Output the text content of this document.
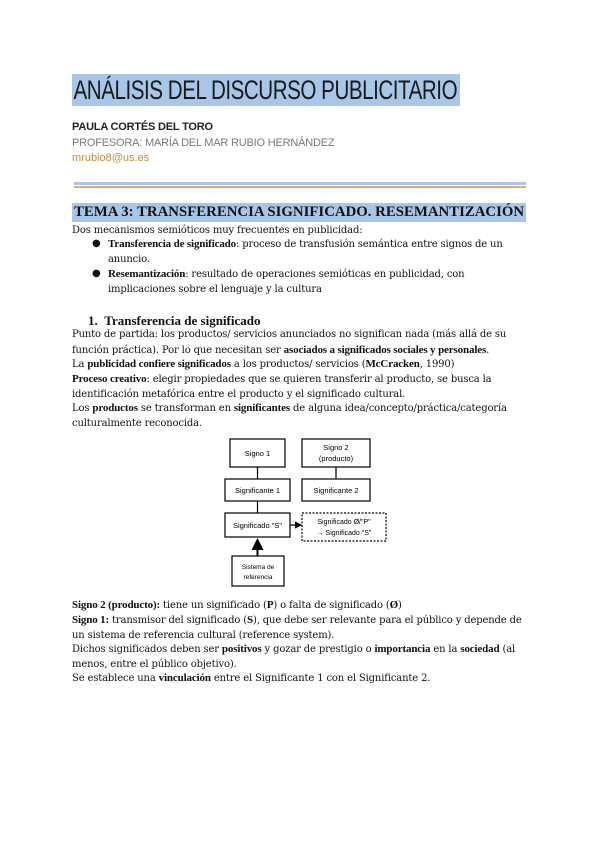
ANÁLISIS DEL DISCURSO PUBLICITARIO
PAULA CORTÉS DEL TORO
PROFESORA: MARÍA DEL MAR RUBIO HERNÁNDEZ
mrubio8@us.es
TEMA 3: TRANSFERENCIA SIGNIFICADO. RESEMANTIZACIÓN
Dos mecanismos semióticos muy frecuentes en publicidad:
● Transferencia de significado: proceso de transfusión semántica entre signos de un anuncio.
● Resemantización: resultado de operaciones semióticas en publicidad, con implicaciones sobre el lenguaje y la cultura
1. Transferencia de significado
Punto de partida: los productos/ servicios anunciados no significan nada (más allá de su función práctica). Por lo que necesitan ser asociados a significados sociales y personales.
La publicidad confiere significados a los productos/ servicios (McCracken, 1990)
Proceso creativo: elegir propiedades que se quieren transferir al producto, se busca la identificación metafórica entre el producto y el significado cultural.
Los productos se transforman en significantes de alguna idea/concepto/práctica/categoría culturalmente reconocida.
Signo 1
Signo 2
(producto)
Significante 1	Significante 2
Significado "S"	Significado Ø/"P"
→ Significado "S"
Sistema de
referencia
Signo 2 (producto): tiene un significado (P) o falta de significado (Ø)
Signo 1: transmisor del significado (S), que debe ser relevante para el público y depende de un sistema de referencia cultural (reference system).
Dichos significados deben ser positivos y gozar de prestigio o importancia en la sociedad (al menos, entre el público objetivo).
Se establece una vinculación entre el Significante 1 con el Significante 2.
